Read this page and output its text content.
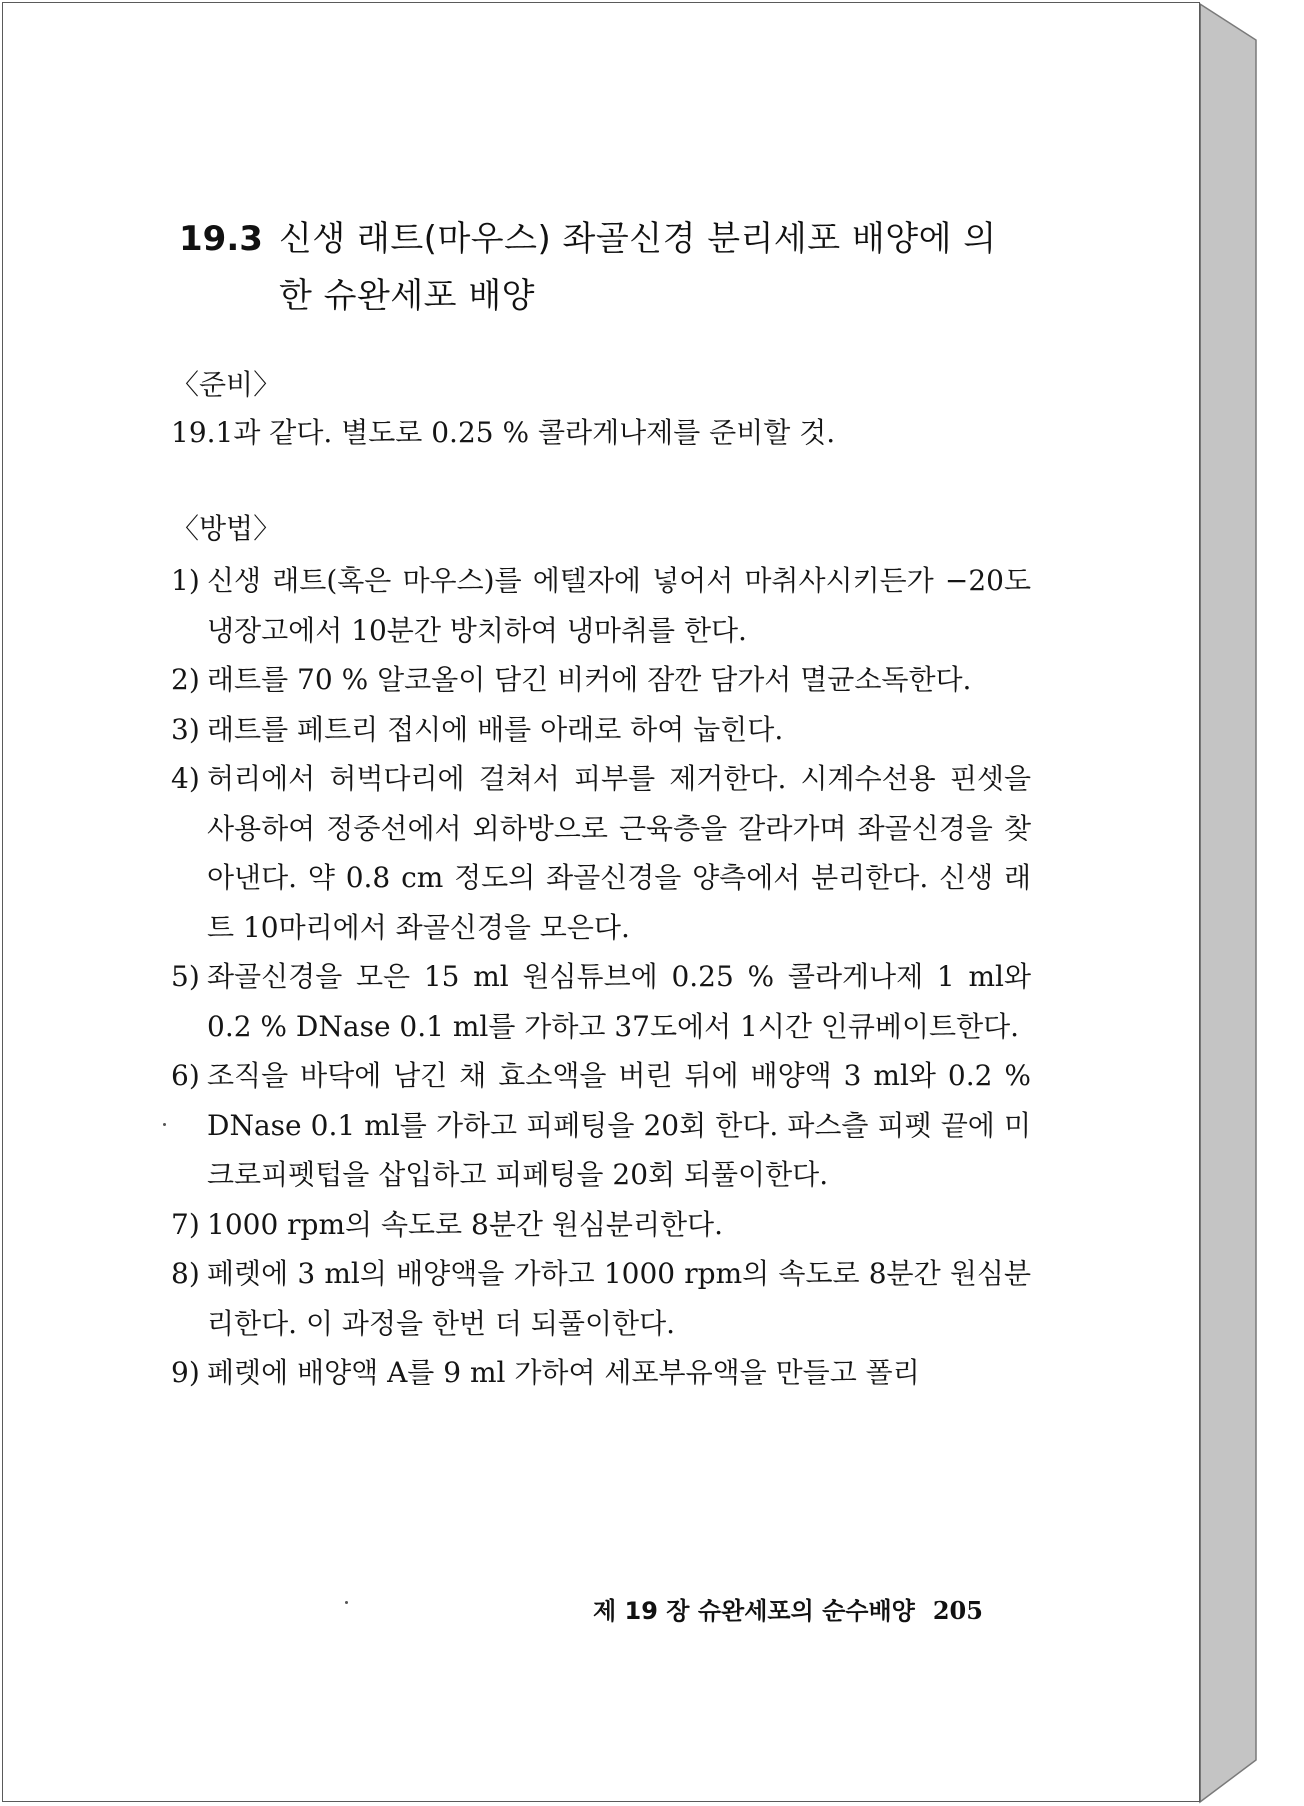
19.3 신생 래트(마우스) 좌골신경 분리세포 배양에 의한 슈완세포 배양
〈준비〉
19.1과 같다. 별도로 0.25 % 콜라게나제를 준비할 것.
〈방법〉
1) 신생 래트(혹은 마우스)를 에텔자에 넣어서 마취사시키든가 −20도 냉장고에서 10분간 방치하여 냉마취를 한다.
2) 래트를 70 % 알코올이 담긴 비커에 잠깐 담가서 멸균소독한다.
3) 래트를 페트리 접시에 배를 아래로 하여 눕힌다.
4) 허리에서 허벅다리에 걸쳐서 피부를 제거한다. 시계수선용 핀셋을 사용하여 정중선에서 외하방으로 근육층을 갈라가며 좌골신경을 찾아낸다. 약 0.8 cm 정도의 좌골신경을 양측에서 분리한다. 신생 래트 10마리에서 좌골신경을 모은다.
5) 좌골신경을 모은 15 ml 원심튜브에 0.25 % 콜라게나제 1 ml와 0.2 % DNase 0.1 ml를 가하고 37도에서 1시간 인큐베이트한다.
6) 조직을 바닥에 남긴 채 효소액을 버린 뒤에 배양액 3 ml와 0.2 % DNase 0.1 ml를 가하고 피페팅을 20회 한다. 파스츨 피펫 끝에 미크로피펫텁을 삽입하고 피페팅을 20회 되풀이한다.
7) 1000 rpm의 속도로 8분간 원심분리한다.
8) 페렛에 3 ml의 배양액을 가하고 1000 rpm의 속도로 8분간 원심분리한다. 이 과정을 한번 더 되풀이한다.
9) 페렛에 배양액 A를 9 ml 가하여 세포부유액을 만들고 폴리
제 19 장 슈완세포의 순수배양 205
